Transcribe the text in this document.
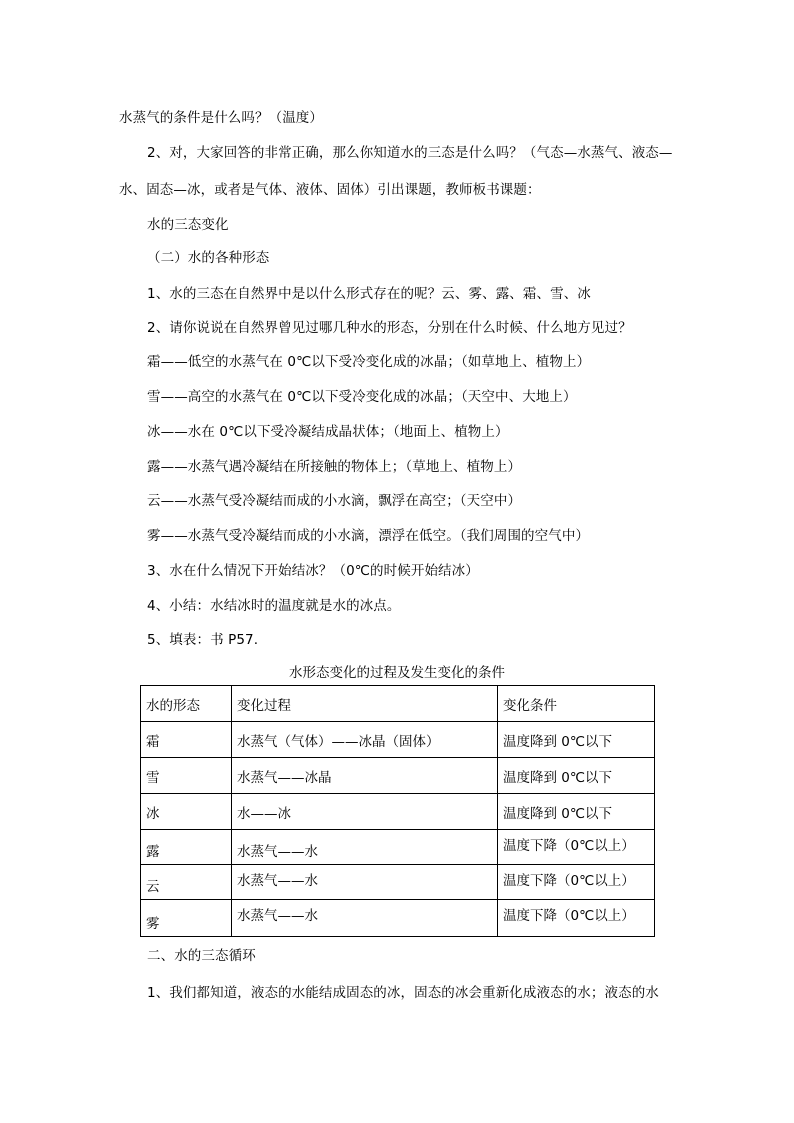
水蒸气的条件是什么吗？（温度）
2、对，大家回答的非常正确，那么你知道水的三态是什么吗？（气态—水蒸气、液态—
水、固态—冰，或者是气体、液体、固体）引出课题，教师板书课题：
水的三态变化
（二）水的各种形态
1、水的三态在自然界中是以什么形式存在的呢？云、雾、露、霜、雪、冰
2、请你说说在自然界曾见过哪几种水的形态，分别在什么时候、什么地方见过？
霜——低空的水蒸气在 0℃以下受冷变化成的冰晶；（如草地上、植物上）
雪——高空的水蒸气在 0℃以下受冷变化成的冰晶；（天空中、大地上）
冰——水在 0℃以下受冷凝结成晶状体；（地面上、植物上）
露——水蒸气遇冷凝结在所接触的物体上；（草地上、植物上）
云——水蒸气受冷凝结而成的小水滴，飘浮在高空；（天空中）
雾——水蒸气受冷凝结而成的小水滴，漂浮在低空。（我们周围的空气中）
3、水在什么情况下开始结冰？（0℃的时候开始结冰）
4、小结：水结冰时的温度就是水的冰点。
5、填表：书 P57.
水形态变化的过程及发生变化的条件
水的形态	变化过程	变化条件
霜	水蒸气（气体）——冰晶（固体）	温度降到 0℃以下
雪	水蒸气——冰晶	温度降到 0℃以下
冰	水——冰	温度降到 0℃以下
露	水蒸气——水	温度下降（0℃以上）
云	水蒸气——水	温度下降（0℃以上）
雾	水蒸气——水	温度下降（0℃以上）
二、水的三态循环
1、我们都知道，液态的水能结成固态的冰，固态的冰会重新化成液态的水；液态的水
